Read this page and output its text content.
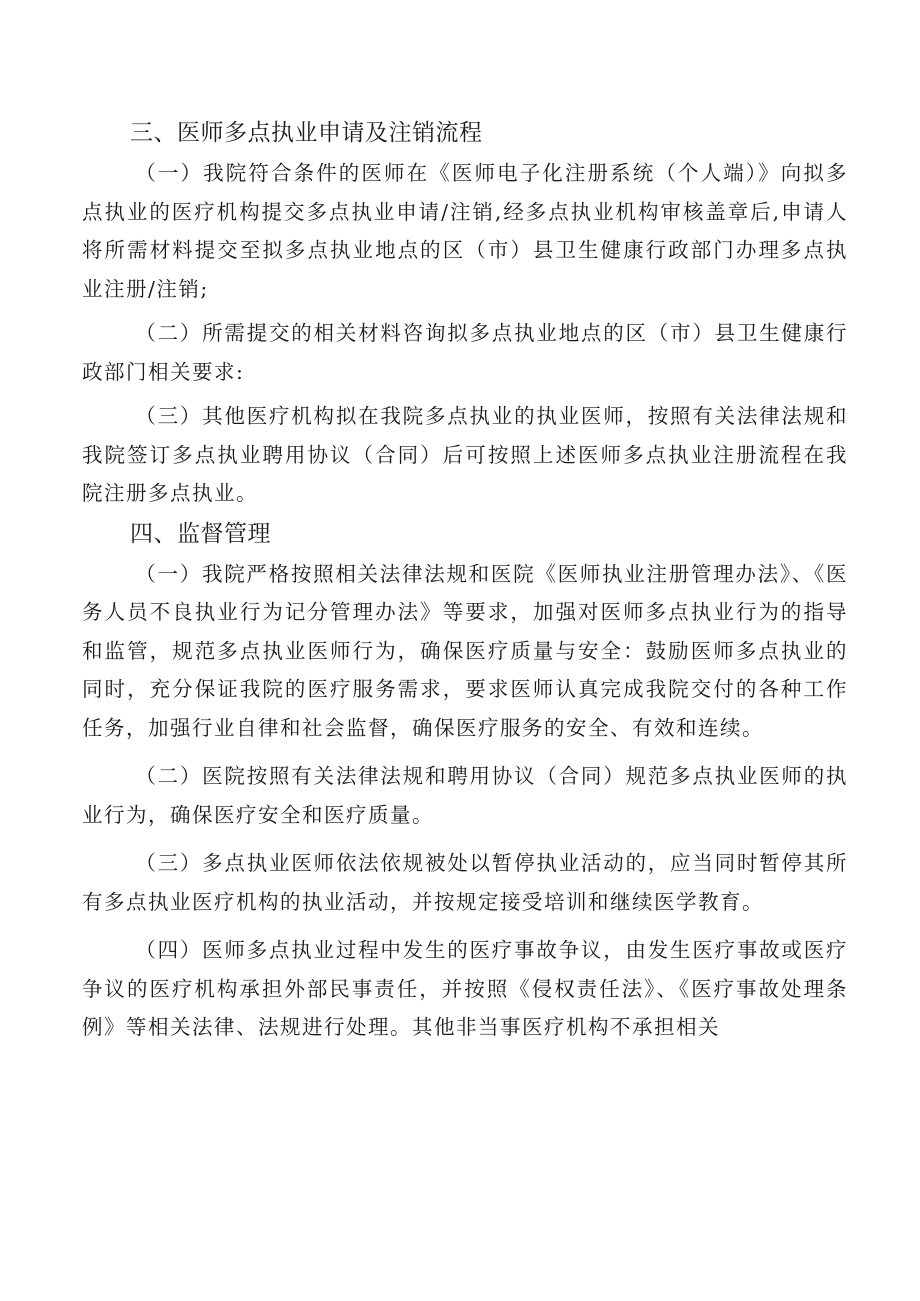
三、医师多点执业申请及注销流程

（一）我院符合条件的医师在《医师电子化注册系统（个人端）》向拟多点执业的医疗机构提交多点执业申请/注销,经多点执业机构审核盖章后,申请人将所需材料提交至拟多点执业地点的区（市）县卫生健康行政部门办理多点执业注册/注销;

（二）所需提交的相关材料咨询拟多点执业地点的区（市）县卫生健康行政部门相关要求:

（三）其他医疗机构拟在我院多点执业的执业医师，按照有关法律法规和我院签订多点执业聘用协议（合同）后可按照上述医师多点执业注册流程在我院注册多点执业。

四、监督管理

（一）我院严格按照相关法律法规和医院《医师执业注册管理办法》、《医务人员不良执业行为记分管理办法》等要求，加强对医师多点执业行为的指导和监管，规范多点执业医师行为，确保医疗质量与安全：鼓励医师多点执业的同时，充分保证我院的医疗服务需求，要求医师认真完成我院交付的各种工作任务，加强行业自律和社会监督，确保医疗服务的安全、有效和连续。

（二）医院按照有关法律法规和聘用协议（合同）规范多点执业医师的执业行为，确保医疗安全和医疗质量。

（三）多点执业医师依法依规被处以暂停执业活动的，应当同时暂停其所有多点执业医疗机构的执业活动，并按规定接受培训和继续医学教育。

（四）医师多点执业过程中发生的医疗事故争议，由发生医疗事故或医疗争议的医疗机构承担外部民事责任，并按照《侵权责任法》、《医疗事故处理条例》等相关法律、法规进行处理。其他非当事医疗机构不承担相关
